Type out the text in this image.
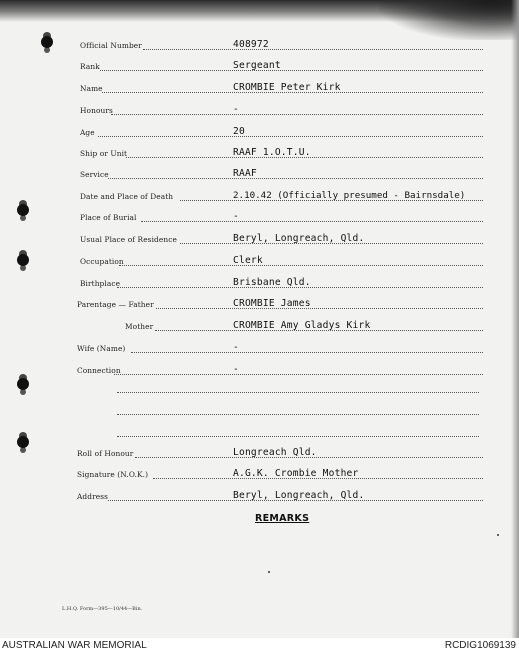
Official Number	408972
Rank	Sergeant
Name	CROMBIE Peter Kirk
Honours	-
Age	20
Ship or Unit	RAAF 1.O.T.U.
Service	RAAF
Date and Place of Death	2.10.42 (Officially presumed - Bairnsdale)
Place of Burial	-
Usual Place of Residence	Beryl, Longreach, Qld.
Occupation	Clerk
Birthplace	Brisbane Qld.
Parentage — Father	CROMBIE James
Mother	CROMBIE Amy Gladys Kirk
Wife (Name)	-
Connection	-
Roll of Honour	Longreach Qld.
Signature (N.O.K.)	A.G.K. Crombie Mother
Address	Beryl, Longreach, Qld.
REMARKS
L.H.Q. Form—395—10/44—Bin.
AUSTRALIAN WAR MEMORIAL	RCDIG1069139
